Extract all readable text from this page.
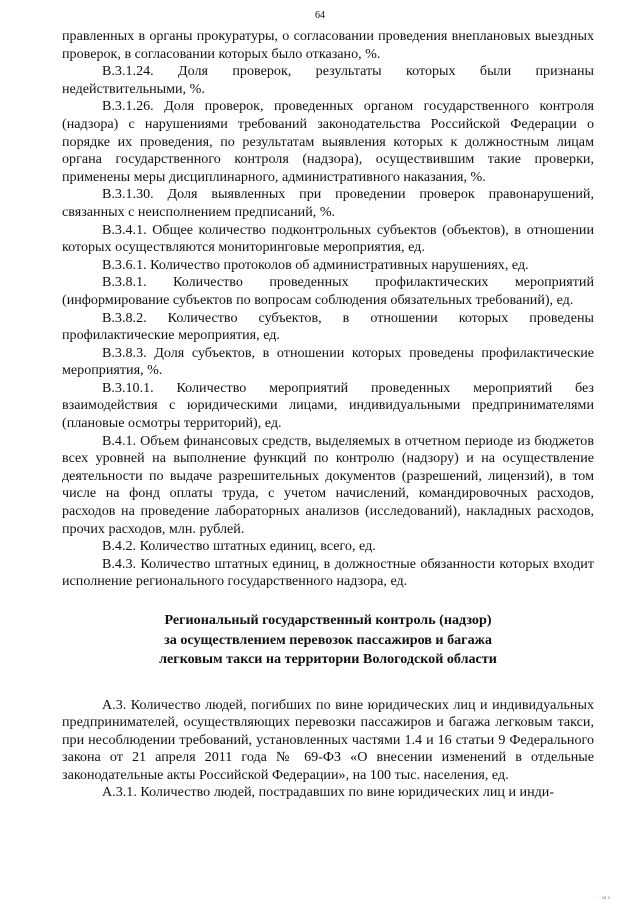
64

правленных в органы прокуратуры, о согласовании проведения внеплановых выездных проверок, в согласовании которых было отказано, %.

В.3.1.24. Доля проверок, результаты которых были признаны недействительными, %.

В.3.1.26. Доля проверок, проведенных органом государственного контроля (надзора) с нарушениями требований законодательства Российской Федерации о порядке их проведения, по результатам выявления которых к должностным лицам органа государственного контроля (надзора), осуществившим такие проверки, применены меры дисциплинарного, административного наказания, %.

В.3.1.30. Доля выявленных при проведении проверок правонарушений, связанных с неисполнением предписаний, %.

В.3.4.1. Общее количество подконтрольных субъектов (объектов), в отношении которых осуществляются мониторинговые мероприятия, ед.

В.3.6.1. Количество протоколов об административных нарушениях, ед.

В.3.8.1. Количество проведенных профилактических мероприятий (информирование субъектов по вопросам соблюдения обязательных требований), ед.

В.3.8.2. Количество субъектов, в отношении которых проведены профилактические мероприятия, ед.

В.3.8.3. Доля субъектов, в отношении которых проведены профилактические мероприятия, %.

В.3.10.1. Количество мероприятий проведенных мероприятий без взаимодействия с юридическими лицами, индивидуальными предпринимателями (плановые осмотры территорий), ед.

В.4.1. Объем финансовых средств, выделяемых в отчетном периоде из бюджетов всех уровней на выполнение функций по контролю (надзору) и на осуществление деятельности по выдаче разрешительных документов (разрешений, лицензий), в том числе на фонд оплаты труда, с учетом начислений, командировочных расходов, расходов на проведение лабораторных анализов (исследований), накладных расходов, прочих расходов, млн. рублей.

В.4.2. Количество штатных единиц, всего, ед.

В.4.3. Количество штатных единиц, в должностные обязанности которых входит исполнение регионального государственного надзора, ед.

Региональный государственный контроль (надзор)
за осуществлением перевозок пассажиров и багажа
легковым такси на территории Вологодской области

А.3. Количество людей, погибших по вине юридических лиц и индивидуальных предпринимателей, осуществляющих перевозки пассажиров и багажа легковым такси, при несоблюдении требований, установленных частями 1.4 и 16 статьи 9 Федерального закона от 21 апреля 2011 года № 69-ФЗ «О внесении изменений в отдельные законодательные акты Российской Федерации», на 100 тыс. населения, ед.

А.3.1. Количество людей, пострадавших по вине юридических лиц и инди-

· шs
